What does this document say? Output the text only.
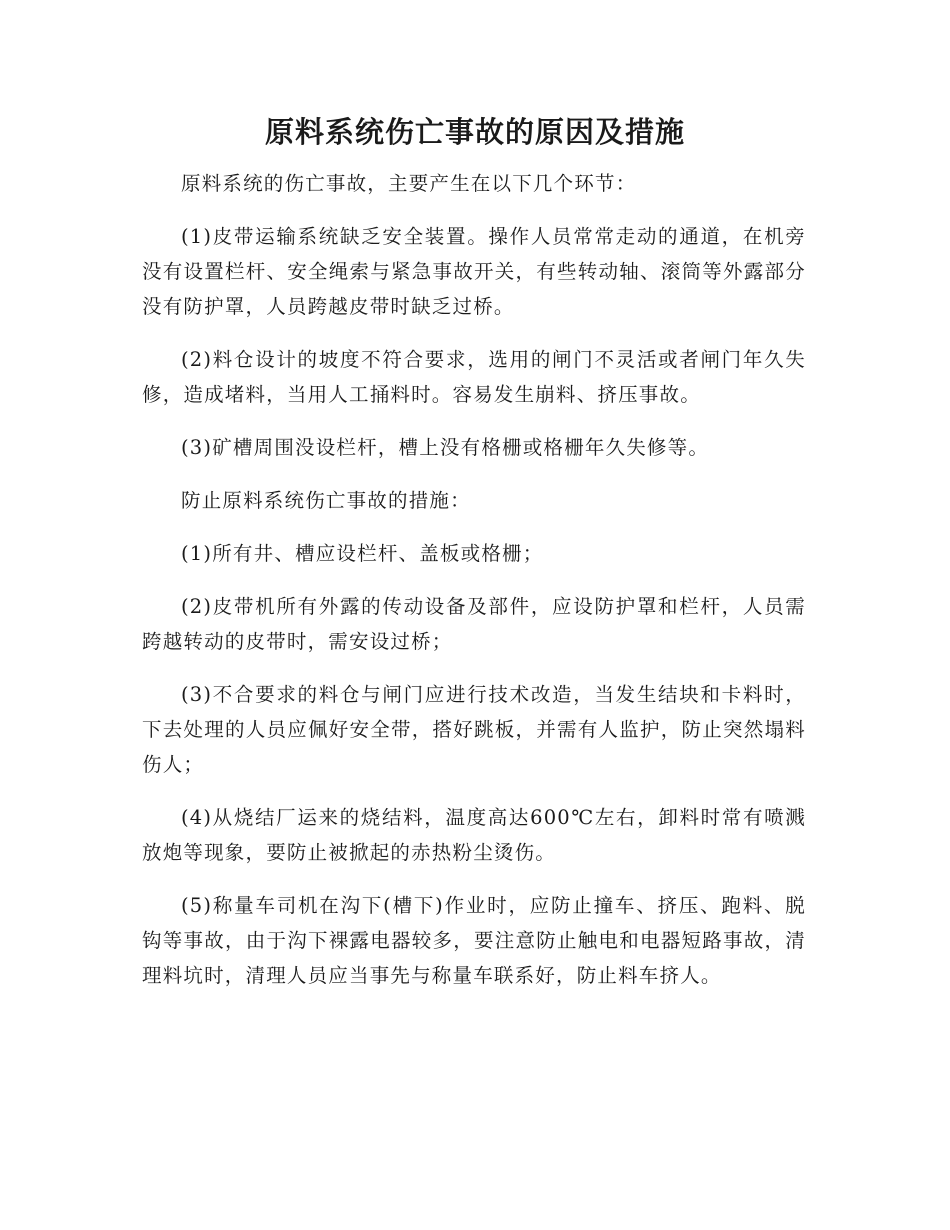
原料系统伤亡事故的原因及措施

原料系统的伤亡事故，主要产生在以下几个环节：

(1)皮带运输系统缺乏安全装置。操作人员常常走动的通道，在机旁没有设置栏杆、安全绳索与紧急事故开关，有些转动轴、滚筒等外露部分没有防护罩，人员跨越皮带时缺乏过桥。

(2)料仓设计的坡度不符合要求，选用的闸门不灵活或者闸门年久失修，造成堵料，当用人工捅料时。容易发生崩料、挤压事故。

(3)矿槽周围没设栏杆，槽上没有格栅或格栅年久失修等。

防止原料系统伤亡事故的措施：

(1)所有井、槽应设栏杆、盖板或格栅；

(2)皮带机所有外露的传动设备及部件，应设防护罩和栏杆，人员需跨越转动的皮带时，需安设过桥；

(3)不合要求的料仓与闸门应进行技术改造，当发生结块和卡料时，下去处理的人员应佩好安全带，搭好跳板，并需有人监护，防止突然塌料伤人；

(4)从烧结厂运来的烧结料，温度高达600℃左右，卸料时常有喷溅放炮等现象，要防止被掀起的赤热粉尘烫伤。

(5)称量车司机在沟下(槽下)作业时，应防止撞车、挤压、跑料、脱钩等事故，由于沟下裸露电器较多，要注意防止触电和电器短路事故，清理料坑时，清理人员应当事先与称量车联系好，防止料车挤人。
